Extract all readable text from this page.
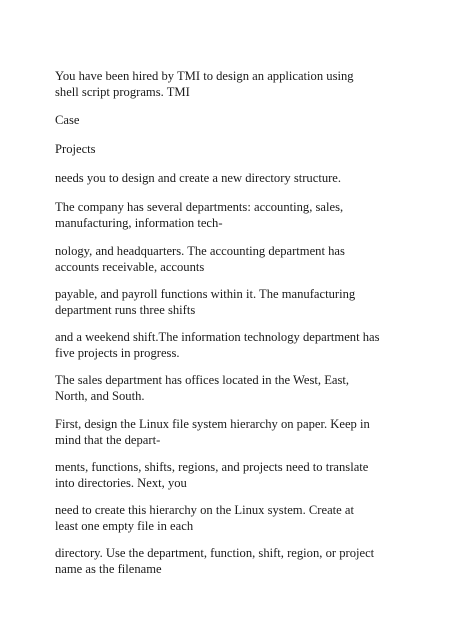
You have been hired by TMI to design an application using
shell script programs. TMI

Case

Projects

needs you to design and create a new directory structure.

The company has several departments: accounting, sales,
manufacturing, information tech-

nology, and headquarters. The accounting department has
accounts receivable, accounts

payable, and payroll functions within it. The manufacturing
department runs three shifts

and a weekend shift.The information technology department has
five projects in progress.

The sales department has offices located in the West, East,
North, and South.

First, design the Linux file system hierarchy on paper. Keep in
mind that the depart-

ments, functions, shifts, regions, and projects need to translate
into directories. Next, you

need to create this hierarchy on the Linux system. Create at
least one empty file in each

directory. Use the department, function, shift, region, or project
name as the filename
